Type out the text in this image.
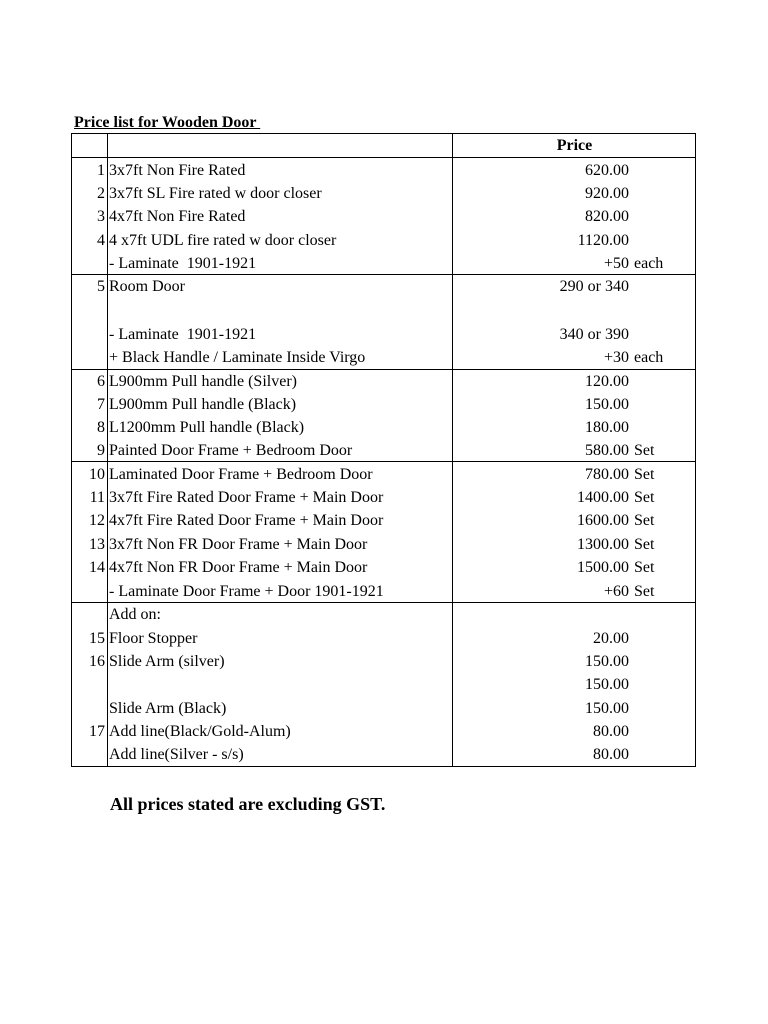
Price list for Wooden Door
Price
1 3x7ft Non Fire Rated	620.00
2 3x7ft SL Fire rated w door closer	920.00
3 4x7ft Non Fire Rated	820.00
4 4 x7ft UDL fire rated w door closer	1120.00
- Laminate  1901-1921	+50 each
5 Room Door	290 or 340
- Laminate  1901-1921	340 or 390
+ Black Handle / Laminate Inside Virgo	+30 each
6 L900mm Pull handle (Silver)	120.00
7 L900mm Pull handle (Black)	150.00
8 L1200mm Pull handle (Black)	180.00
9 Painted Door Frame + Bedroom Door	580.00 Set
10 Laminated Door Frame + Bedroom Door	780.00 Set
11 3x7ft Fire Rated Door Frame + Main Door	1400.00 Set
12 4x7ft Fire Rated Door Frame + Main Door	1600.00 Set
13 3x7ft Non FR Door Frame + Main Door	1300.00 Set
14 4x7ft Non FR Door Frame + Main Door	1500.00 Set
- Laminate Door Frame + Door 1901-1921	+60 Set
Add on:
15 Floor Stopper	20.00
16 Slide Arm (silver)	150.00
150.00
Slide Arm (Black)	150.00
17 Add line(Black/Gold-Alum)	80.00
Add line(Silver - s/s)	80.00
All prices stated are excluding GST.
